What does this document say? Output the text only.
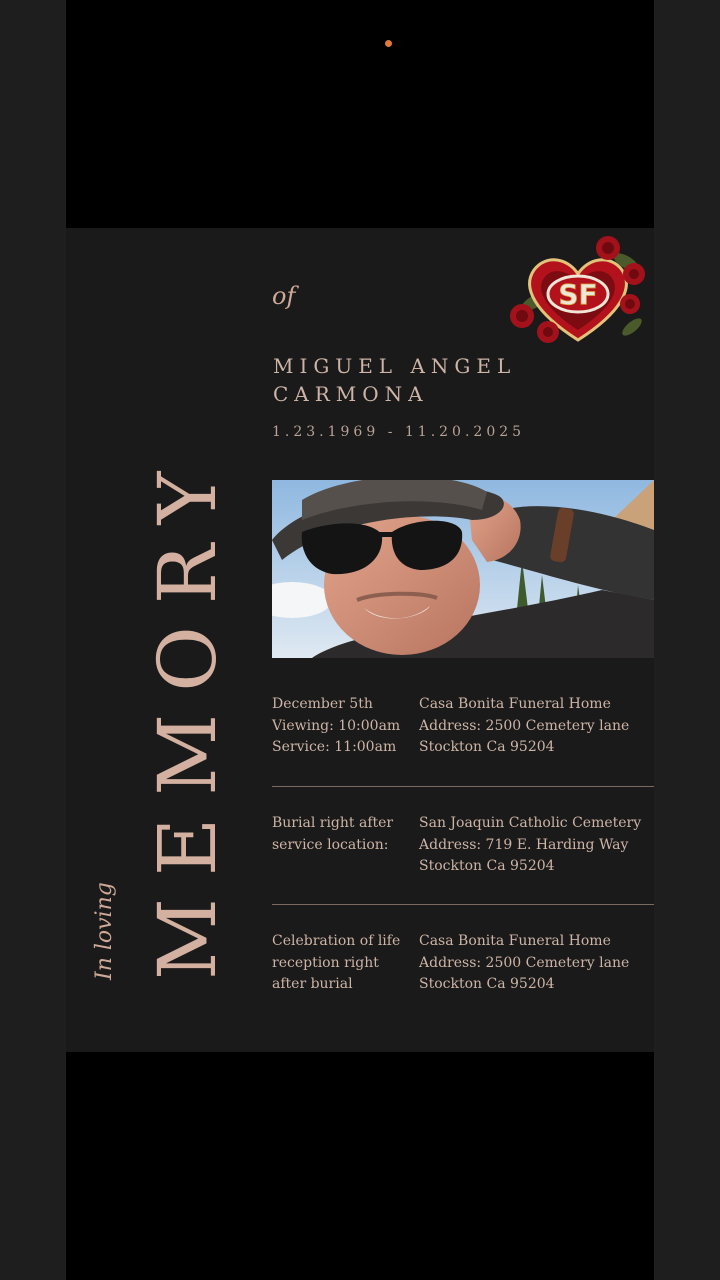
MEMORY
In loving
of
MIGUEL ANGEL
CARMONA
1.23.1969 - 11.20.2025
SF
December 5th
Viewing: 10:00am
Service: 11:00am
Casa Bonita Funeral Home
Address: 2500 Cemetery lane
Stockton Ca 95204
Burial right after
service location:
San Joaquin Catholic Cemetery
Address: 719 E. Harding Way
Stockton Ca 95204
Celebration of life
reception right
after burial
Casa Bonita Funeral Home
Address: 2500 Cemetery lane
Stockton Ca 95204
